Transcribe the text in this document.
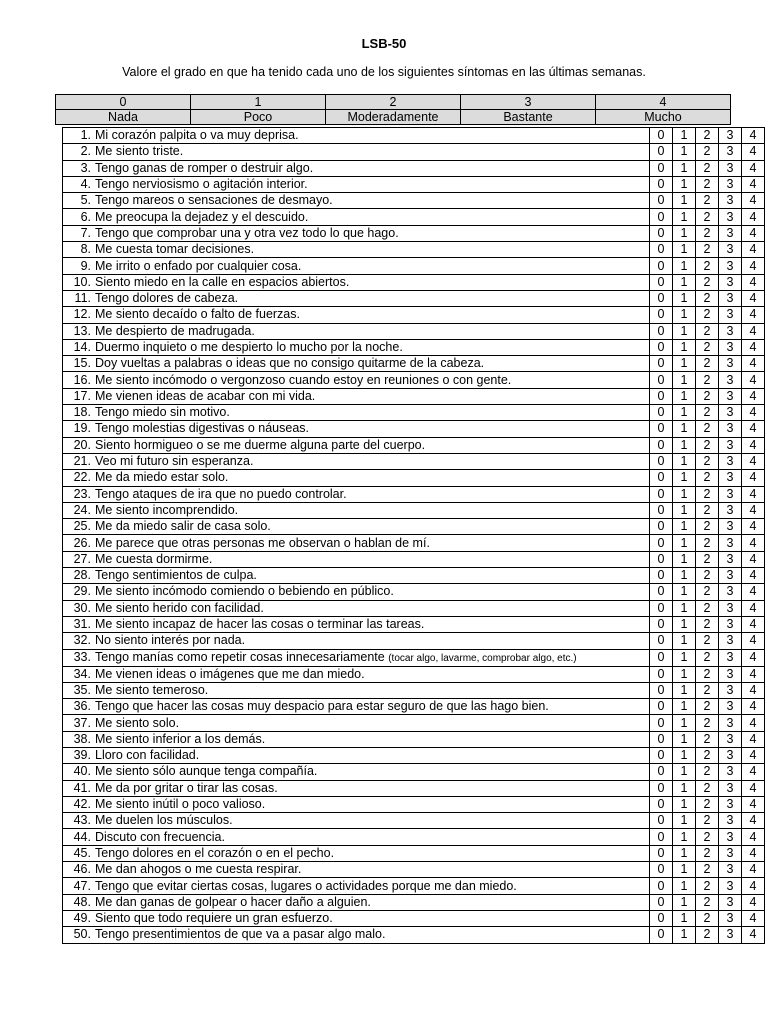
LSB-50
Valore el grado en que ha tenido cada uno de los siguientes síntomas en las últimas semanas.
0	1	2	3	4
Nada	Poco	Moderadamente	Bastante	Mucho
1. Mi corazón palpita o va muy deprisa.	0	1	2	3	4
2. Me siento triste.	0	1	2	3	4
3. Tengo ganas de romper o destruir algo.	0	1	2	3	4
4. Tengo nerviosismo o agitación interior.	0	1	2	3	4
5. Tengo mareos o sensaciones de desmayo.	0	1	2	3	4
6. Me preocupa la dejadez y el descuido.	0	1	2	3	4
7. Tengo que comprobar una y otra vez todo lo que hago.	0	1	2	3	4
8. Me cuesta tomar decisiones.	0	1	2	3	4
9. Me irrito o enfado por cualquier cosa.	0	1	2	3	4
10. Siento miedo en la calle en espacios abiertos.	0	1	2	3	4
11. Tengo dolores de cabeza.	0	1	2	3	4
12. Me siento decaído o falto de fuerzas.	0	1	2	3	4
13. Me despierto de madrugada.	0	1	2	3	4
14. Duermo inquieto o me despierto lo mucho por la noche.	0	1	2	3	4
15. Doy vueltas a palabras o ideas que no consigo quitarme de la cabeza.	0	1	2	3	4
16. Me siento incómodo o vergonzoso cuando estoy en reuniones o con gente.	0	1	2	3	4
17. Me vienen ideas de acabar con mi vida.	0	1	2	3	4
18. Tengo miedo sin motivo.	0	1	2	3	4
19. Tengo molestias digestivas o náuseas.	0	1	2	3	4
20. Siento hormigueo o se me duerme alguna parte del cuerpo.	0	1	2	3	4
21. Veo mi futuro sin esperanza.	0	1	2	3	4
22. Me da miedo estar solo.	0	1	2	3	4
23. Tengo ataques de ira que no puedo controlar.	0	1	2	3	4
24. Me siento incomprendido.	0	1	2	3	4
25. Me da miedo salir de casa solo.	0	1	2	3	4
26. Me parece que otras personas me observan o hablan de mí.	0	1	2	3	4
27. Me cuesta dormirme.	0	1	2	3	4
28. Tengo sentimientos de culpa.	0	1	2	3	4
29. Me siento incómodo comiendo o bebiendo en público.	0	1	2	3	4
30. Me siento herido con facilidad.	0	1	2	3	4
31. Me siento incapaz de hacer las cosas o terminar las tareas.	0	1	2	3	4
32. No siento interés por nada.	0	1	2	3	4
33. Tengo manías como repetir cosas innecesariamente (tocar algo, lavarme, comprobar algo, etc.)	0	1	2	3	4
34. Me vienen ideas o imágenes que me dan miedo.	0	1	2	3	4
35. Me siento temeroso.	0	1	2	3	4
36. Tengo que hacer las cosas muy despacio para estar seguro de que las hago bien.	0	1	2	3	4
37. Me siento solo.	0	1	2	3	4
38. Me siento inferior a los demás.	0	1	2	3	4
39. Lloro con facilidad.	0	1	2	3	4
40. Me siento sólo aunque tenga compañía.	0	1	2	3	4
41. Me da por gritar o tirar las cosas.	0	1	2	3	4
42. Me siento inútil o poco valioso.	0	1	2	3	4
43. Me duelen los músculos.	0	1	2	3	4
44. Discuto con frecuencia.	0	1	2	3	4
45. Tengo dolores en el corazón o en el pecho.	0	1	2	3	4
46. Me dan ahogos o me cuesta respirar.	0	1	2	3	4
47. Tengo que evitar ciertas cosas, lugares o actividades porque me dan miedo.	0	1	2	3	4
48. Me dan ganas de golpear o hacer daño a alguien.	0	1	2	3	4
49. Siento que todo requiere un gran esfuerzo.	0	1	2	3	4
50. Tengo presentimientos de que va a pasar algo malo.	0	1	2	3	4
